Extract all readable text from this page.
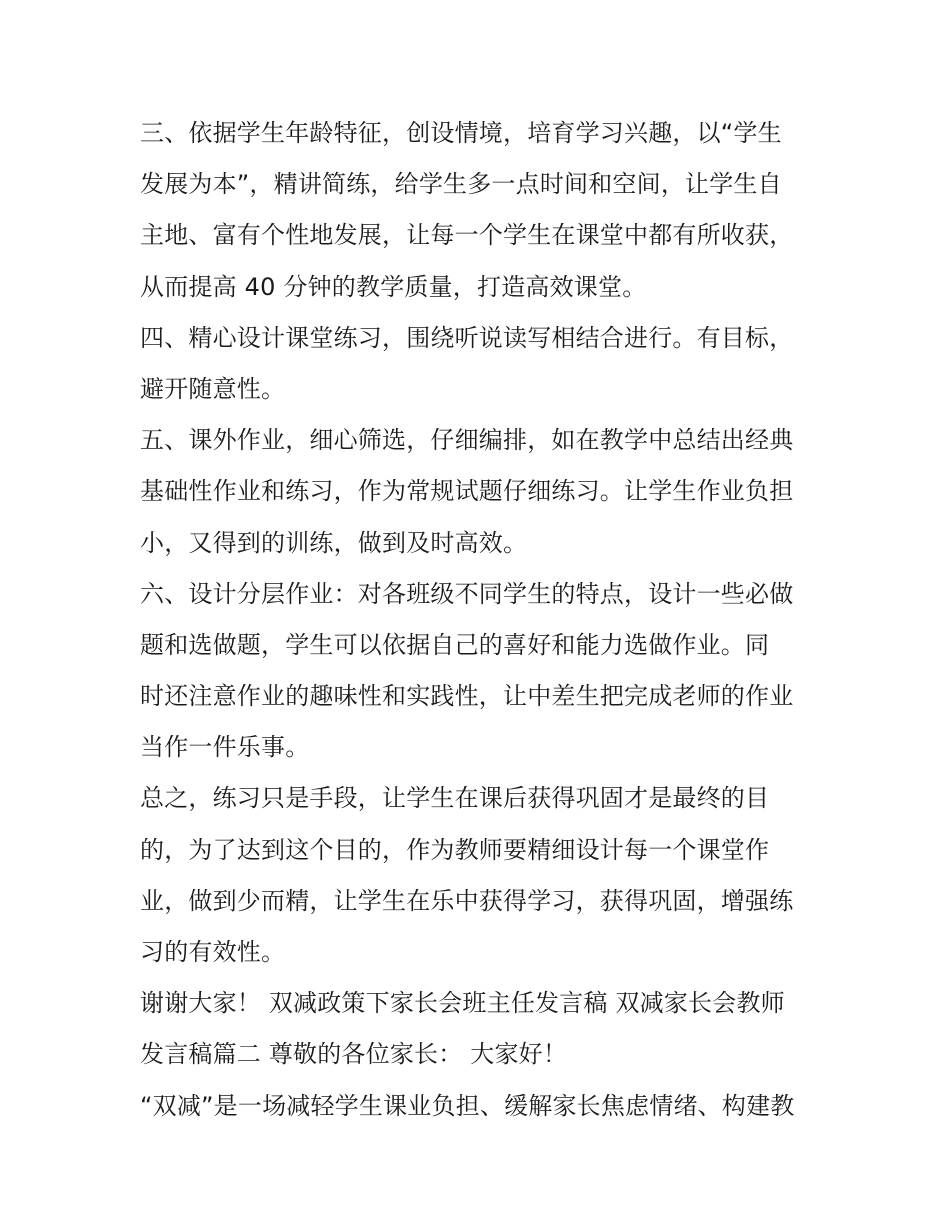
三、依据学生年龄特征，创设情境，培育学习兴趣，以“学生
发展为本”，精讲简练，给学生多一点时间和空间，让学生自
主地、富有个性地发展，让每一个学生在课堂中都有所收获，
从而提高 40 分钟的教学质量，打造高效课堂。
四、精心设计课堂练习，围绕听说读写相结合进行。有目标，
避开随意性。
五、课外作业，细心筛选，仔细编排，如在教学中总结出经典
基础性作业和练习，作为常规试题仔细练习。让学生作业负担
小，又得到的训练，做到及时高效。
六、设计分层作业：对各班级不同学生的特点，设计一些必做
题和选做题，学生可以依据自己的喜好和能力选做作业。同
时还注意作业的趣味性和实践性，让中差生把完成老师的作业
当作一件乐事。
总之，练习只是手段，让学生在课后获得巩固才是最终的目
的，为了达到这个目的，作为教师要精细设计每一个课堂作
业，做到少而精，让学生在乐中获得学习，获得巩固，增强练
习的有效性。
谢谢大家！ 双减政策下家长会班主任发言稿 双减家长会教师
发言稿篇二 尊敬的各位家长： 大家好！
“双减”是一场减轻学生课业负担、缓解家长焦虑情绪、构建教
